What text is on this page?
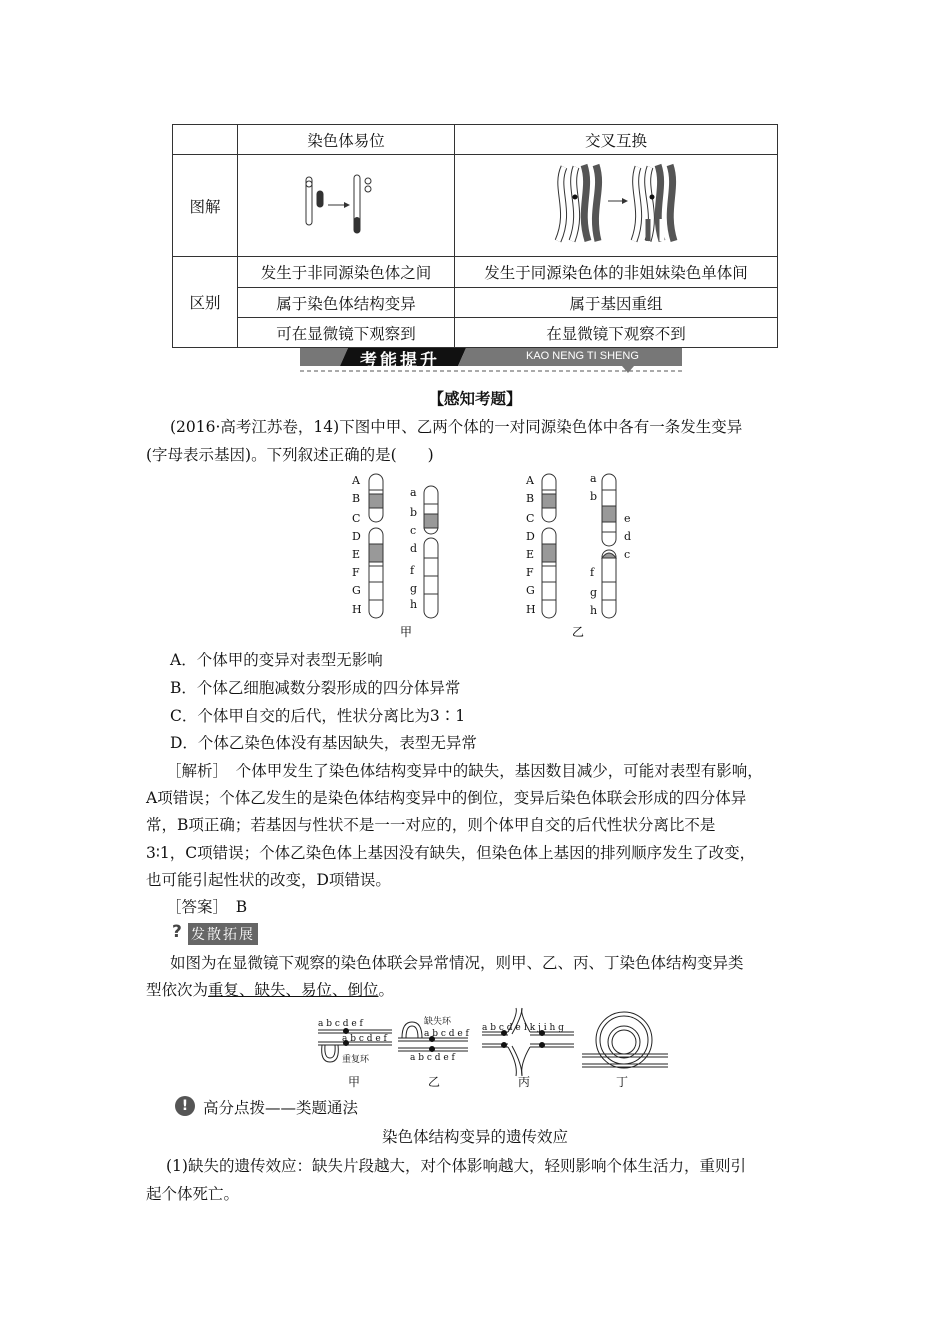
	染色体易位	交叉互换
图解		
区别	发生于非同源染色体之间	发生于同源染色体的非姐妹染色单体间
	属于染色体结构变异	属于基因重组
	可在显微镜下观察到	在显微镜下观察不到
考能提升	KAO NENG TI SHENG
【感知考题】
(2016·高考江苏卷，14)下图中甲、乙两个体的一对同源染色体中各有一条发生变异
(字母表示基因)。下列叙述正确的是(　　)
A
B
C
D
E
F
G
H
a
b
c
d
f
g
h
A
B
C
D
E
F
G
H
a
b
f
g
h
e
d
c
甲	乙
A．个体甲的变异对表型无影响
B．个体乙细胞减数分裂形成的四分体异常
C．个体甲自交的后代，性状分离比为3∶1
D．个体乙染色体没有基因缺失，表型无异常
［解析］　个体甲发生了染色体结构变异中的缺失，基因数目减少，可能对表型有影响，
A项错误；个体乙发生的是染色体结构变异中的倒位，变异后染色体联会形成的四分体异
常，B项正确；若基因与性状不是一一对应的，则个体甲自交的后代性状分离比不是
3∶1，C项错误；个体乙染色体上基因没有缺失，但染色体上基因的排列顺序发生了改变，
也可能引起性状的改变，D项错误。
［答案］　B
? 发散拓展
如图为在显微镜下观察的染色体联会异常情况，则甲、乙、丙、丁染色体结构变异类
型依次为重复、缺失、易位、倒位。
a b c d e f
a b c d e f
重复环
缺失环
a b c d e f
a b c d e f
a b c d e l k j i h g
甲	乙	丙	丁
! 高分点拨——类题通法
染色体结构变异的遗传效应
(1)缺失的遗传效应：缺失片段越大，对个体影响越大，轻则影响个体生活力，重则引
起个体死亡。
